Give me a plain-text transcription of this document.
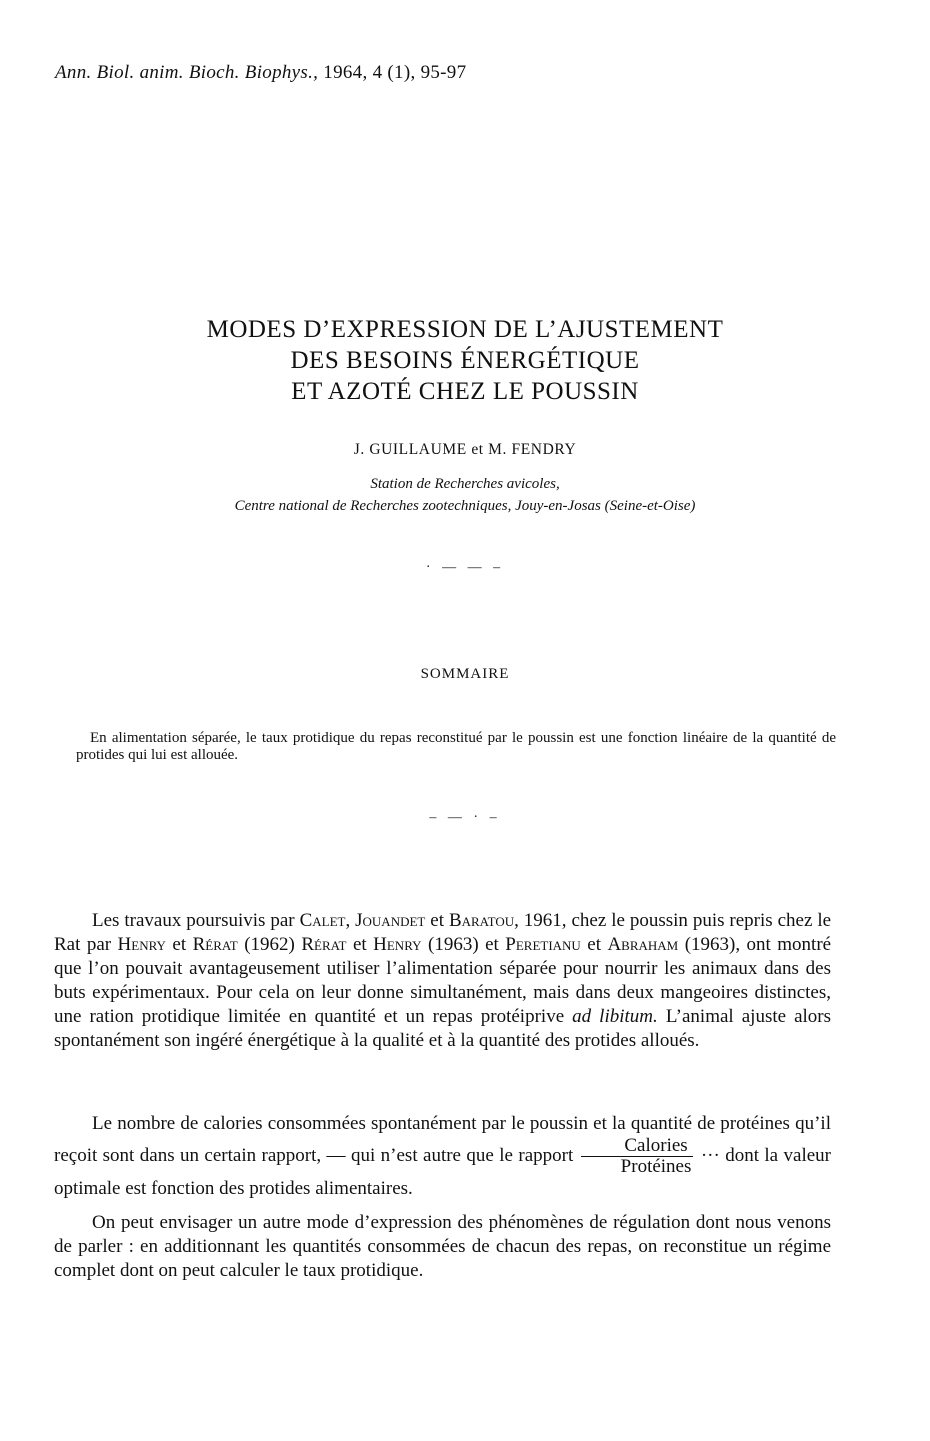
Ann. Biol. anim. Bioch. Biophys., 1964, 4 (1), 95-97
MODES D’EXPRESSION DE L’AJUSTEMENT
DES BESOINS ÉNERGÉTIQUE
ET AZOTÉ CHEZ LE POUSSIN
J. GUILLAUME et M. FENDRY
Station de Recherches avicoles,
Centre national de Recherches zootechniques, Jouy-en-Josas (Seine-et-Oise)
· — — –
SOMMAIRE
En alimentation séparée, le taux protidique du repas reconstitué par le poussin est une fonction linéaire de la quantité de protides qui lui est allouée.
– — · –
Les travaux poursuivis par Calet, Jouandet et Baratou, 1961, chez le poussin puis repris chez le Rat par Henry et Rérat (1962) Rérat et Henry (1963) et Peretianu et Abraham (1963), ont montré que l’on pouvait avantageusement utiliser l’alimentation séparée pour nourrir les animaux dans des buts expérimentaux. Pour cela on leur donne simultanément, mais dans deux mangeoires distinctes, une ration protidique limitée en quantité et un repas protéiprive ad libitum. L’animal ajuste alors spontanément son ingéré énergétique à la qualité et à la quantité des protides alloués.
Le nombre de calories consommées spontanément par le poussin et la quantité de protéines qu’il reçoit sont dans un certain rapport, — qui n’est autre que le rapport $\frac{\text{Calories}}{\text{Protéines}}$ ··· dont la valeur optimale est fonction des protides alimentaires.
On peut envisager un autre mode d’expression des phénomènes de régulation dont nous venons de parler : en additionnant les quantités consommées de chacun des repas, on reconstitue un régime complet dont on peut calculer le taux protidique.
